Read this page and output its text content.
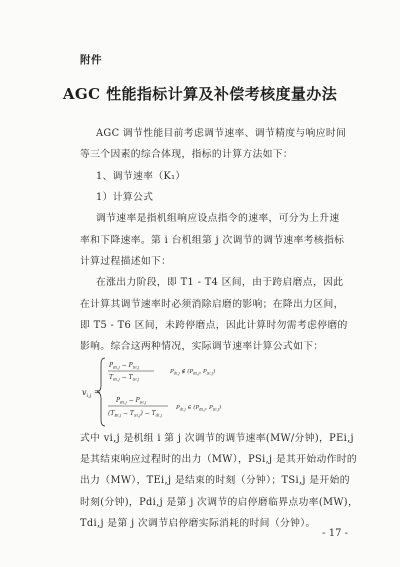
附件
AGC 性能指标计算及补偿考核度量办法
AGC 调节性能目前考虑调节速率、调节精度与响应时间
等三个因素的综合体现，指标的计算方法如下：
1、调节速率（K₁）
1）计算公式
调节速率是指机组响应设点指令的速率，可分为上升速
率和下降速率。第 i 台机组第 j 次调节的调节速率考核指标
计算过程描述如下：
在涨出力阶段，即 T1 - T4 区间，由于跨启磨点，因此
在计算其调节速率时必须消除启磨的影响；在降出力区间，
即 T5 - T6 区间，未跨停磨点，因此计算时勿需考虑停磨的
影响。综合这两种情况，实际调节速率计算公式如下：
$v_{i,j}$ =
$P_{Ei,j} - P_{Si,j}$
$T_{Ei,j} - T_{Si,j}$
$P_{di,j}$ ∉ ($P_{Ei,j}$, $P_{Si,j}$)
$P_{Ei,j} - P_{Si,j}$
$(T_{Ei,j} - T_{Si,j}) - T_{di,j}$
$P_{di,j}$ ∈ ($P_{Ei,j}$, $P_{Si,j}$)
式中 vi,j 是机组 i 第 j 次调节的调节速率(MW/分钟)，PEi,j
是其结束响应过程时的出力（MW），PSi,j 是其开始动作时的
出力（MW），TEi,j 是结束的时刻（分钟）；TSi,j 是开始的
时刻(分钟)，Pdi,j 是第 j 次调节的启停磨临界点功率(MW)，
Tdi,j 是第 j 次调节启停磨实际消耗的时间（分钟）。
- 17 -
